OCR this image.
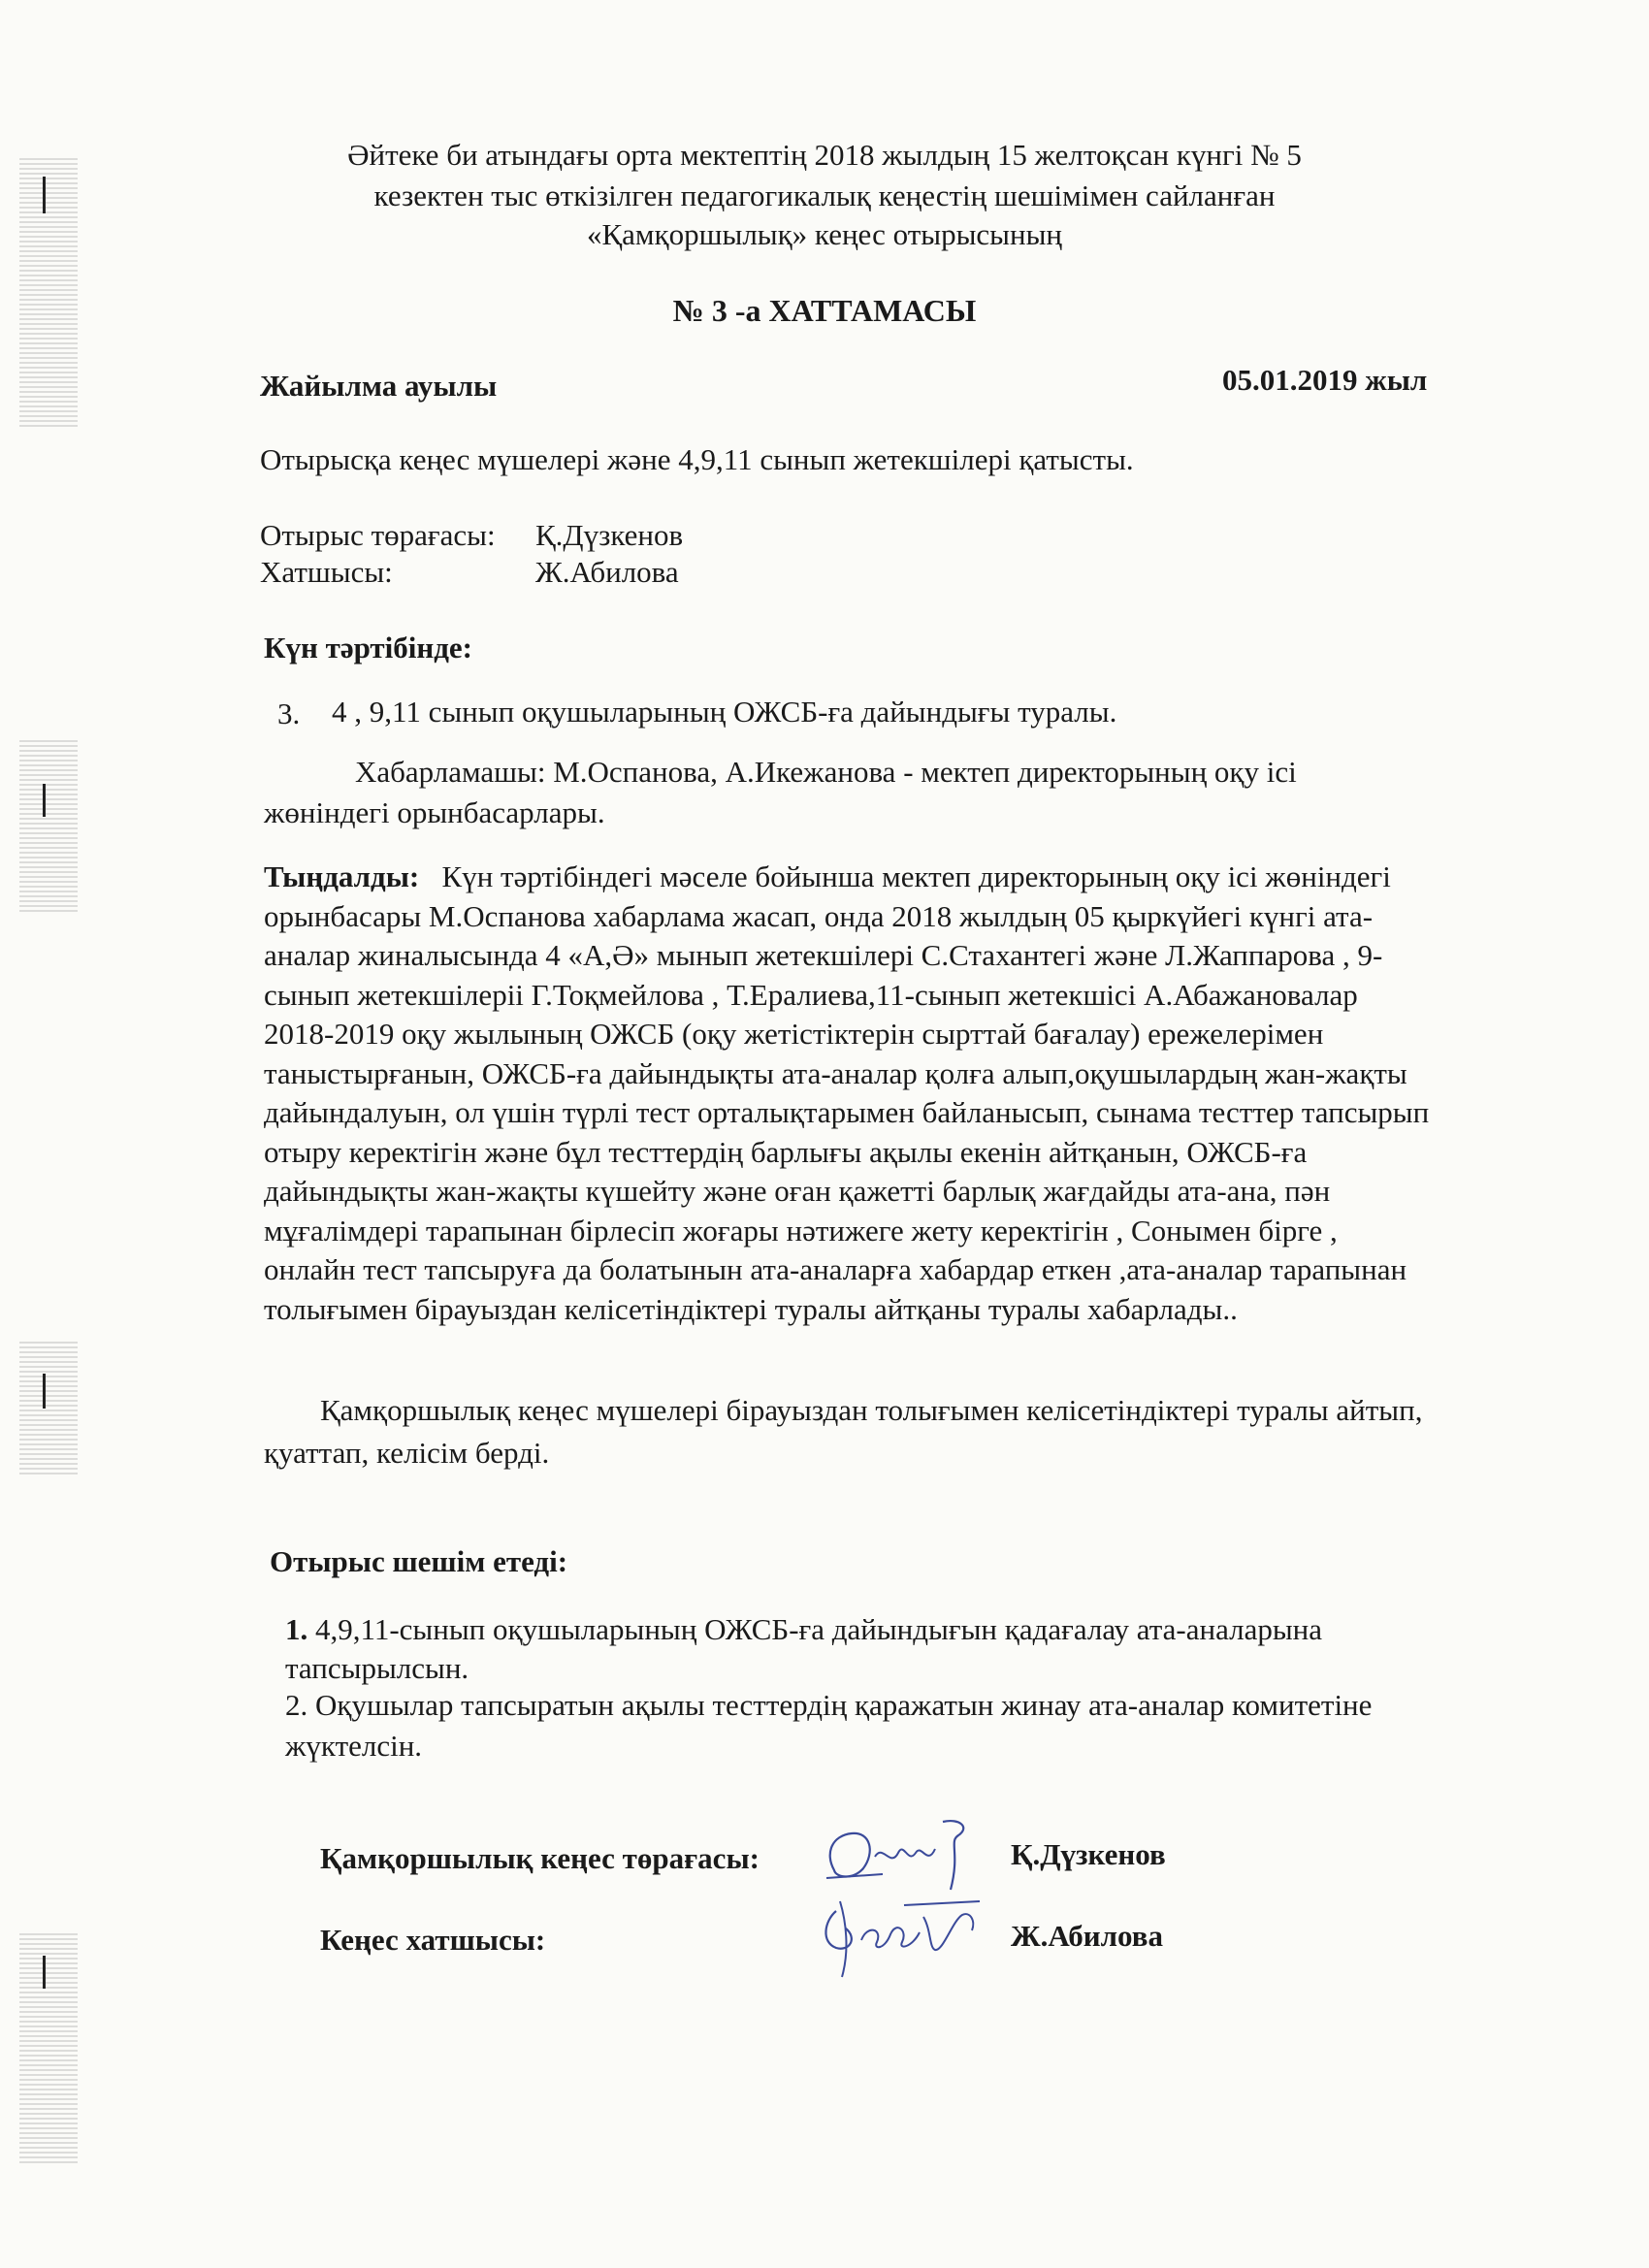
Әйтеке би атындағы орта мектептің 2018 жылдың 15 желтоқсан күнгі № 5
кезектен тыс өткізілген педагогикалық кеңестің шешімімен сайланған
«Қамқоршылық» кеңес отырысының
№ 3 -а ХАТТАМАСЫ
Жайылма ауылы	05.01.2019 жыл
Отырысқа кеңес мүшелері және 4,9,11 сынып жетекшілері қатысты.
Отырыс төрағасы: Қ.Дүзкенов
Хатшысы:	Ж.Абилова
Күн тәртібінде:
3. 4 , 9,11 сынып оқушыларының ОЖСБ-ға дайындығы туралы.
Хабарламашы: М.Оспанова, А.Икежанова - мектеп директорының оқу ісі
жөніндегі орынбасарлары.
Тыңдалды: Күн тәртібіндегі мәселе бойынша мектеп директорының оқу ісі жөніндегі
орынбасары М.Оспанова хабарлама жасап, онда 2018 жылдың 05 қыркүйегі күнгі ата-
аналар жиналысында 4 «А,Ә» мынып жетекшілері С.Стахантегі және Л.Жаппарова , 9-
сынып жетекшілеріі Г.Тоқмейлова , Т.Ералиева,11-сынып жетекшісі А.Абажановалар
2018-2019 оқу жылының ОЖСБ (оқу жетістіктерін сырттай бағалау) ережелерімен
таныстырғанын, ОЖСБ-ға дайындықты ата-аналар қолға алып,оқушылардың жан-жақты
дайындалуын, ол үшін түрлі тест орталықтарымен байланысып, сынама тесттер тапсырып
отыру керектігін және бұл тесттердің барлығы ақылы екенін айтқанын, ОЖСБ-ға
дайындықты жан-жақты күшейту және оған қажетті барлық жағдайды ата-ана, пән
мұғалімдері тарапынан бірлесіп жоғары нәтижеге жету керектігін , Сонымен бірге ,
онлайн тест тапсыруға да болатынын ата-аналарға хабардар еткен ,ата-аналар тарапынан
толығымен бірауыздан келісетіндіктері туралы айтқаны туралы хабарлады..
Қамқоршылық кеңес мүшелері бірауыздан толығымен келісетіндіктері туралы айтып,
қуаттап, келісім берді.
Отырыс шешім етеді:
1. 4,9,11-сынып оқушыларының ОЖСБ-ға дайындығын қадағалау ата-аналарына
тапсырылсын.
2. Оқушылар тапсыратын ақылы тесттердің қаражатын жинау ата-аналар комитетіне
жүктелсін.
Қамқоршылық кеңес төрағасы:	Қ.Дүзкенов
Кеңес хатшысы:	Ж.Абилова
